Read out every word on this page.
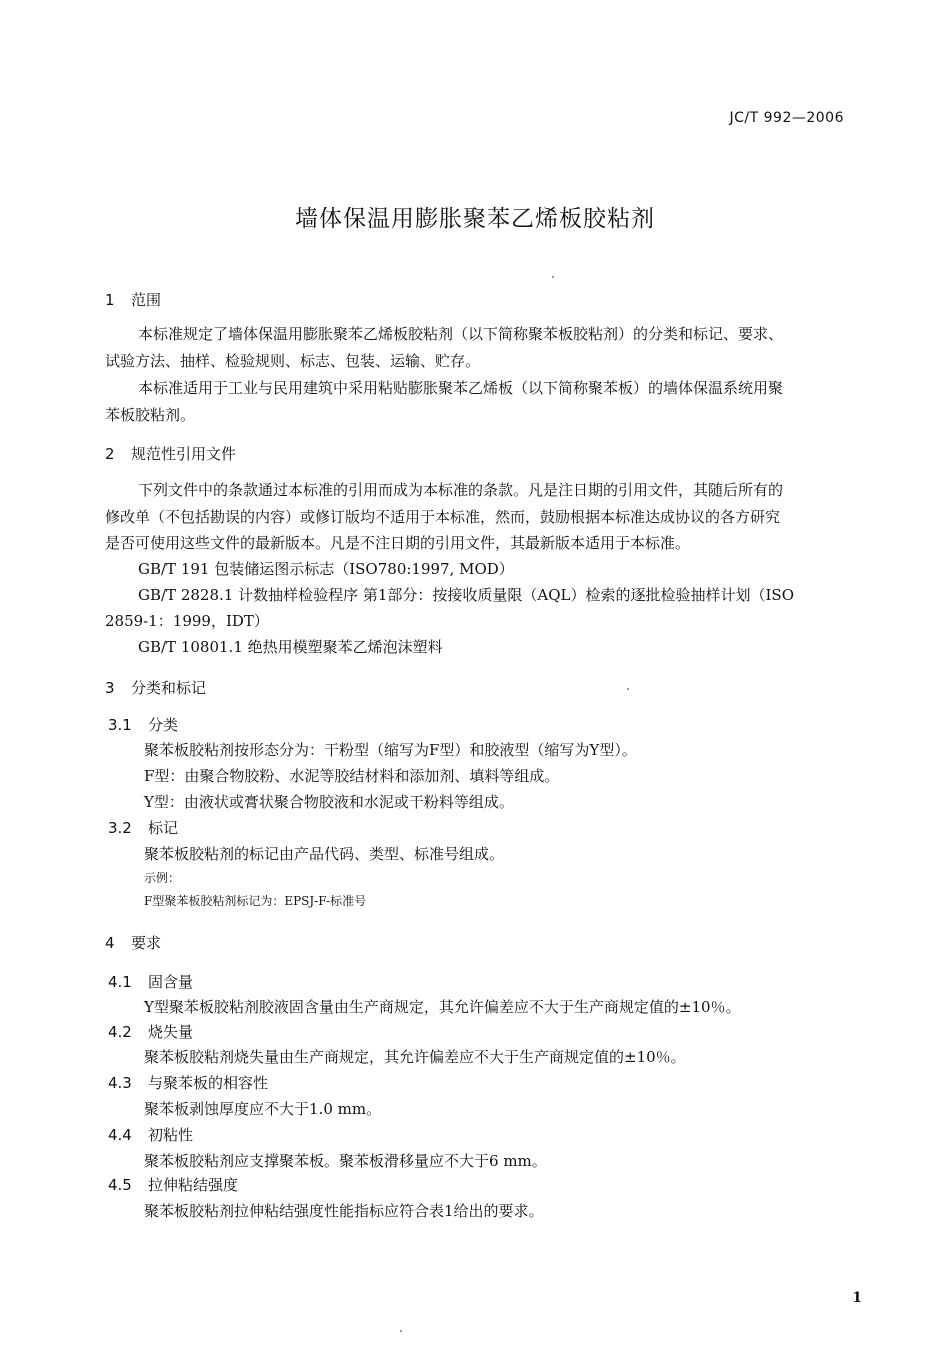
JC/T 992—2006
墙体保温用膨胀聚苯乙烯板胶粘剂
1 范围
本标准规定了墙体保温用膨胀聚苯乙烯板胶粘剂（以下简称聚苯板胶粘剂）的分类和标记、要求、
试验方法、抽样、检验规则、标志、包装、运输、贮存。
本标准适用于工业与民用建筑中采用粘贴膨胀聚苯乙烯板（以下简称聚苯板）的墙体保温系统用聚
苯板胶粘剂。
2 规范性引用文件
下列文件中的条款通过本标准的引用而成为本标准的条款。凡是注日期的引用文件，其随后所有的
修改单（不包括勘误的内容）或修订版均不适用于本标准，然而，鼓励根据本标准达成协议的各方研究
是否可使用这些文件的最新版本。凡是不注日期的引用文件，其最新版本适用于本标准。
GB/T 191 包装储运图示标志（ISO780:1997, MOD）
GB/T 2828.1 计数抽样检验程序 第1部分：按接收质量限（AQL）检索的逐批检验抽样计划（ISO
2859-1：1999，IDT）
GB/T 10801.1 绝热用模塑聚苯乙烯泡沫塑料
3 分类和标记
3.1 分类
聚苯板胶粘剂按形态分为：干粉型（缩写为F型）和胶液型（缩写为Y型）。
F型：由聚合物胶粉、水泥等胶结材料和添加剂、填料等组成。
Y型：由液状或膏状聚合物胶液和水泥或干粉料等组成。
3.2 标记
聚苯板胶粘剂的标记由产品代码、类型、标准号组成。
示例：
F型聚苯板胶粘剂标记为：EPSJ-F-标准号
4 要求
4.1 固含量
Y型聚苯板胶粘剂胶液固含量由生产商规定，其允许偏差应不大于生产商规定值的±10％。
4.2 烧失量
聚苯板胶粘剂烧失量由生产商规定，其允许偏差应不大于生产商规定值的±10％。
4.3 与聚苯板的相容性
聚苯板剥蚀厚度应不大于1.0 mm。
4.4 初粘性
聚苯板胶粘剂应支撑聚苯板。聚苯板滑移量应不大于6 mm。
4.5 拉伸粘结强度
聚苯板胶粘剂拉伸粘结强度性能指标应符合表1给出的要求。
1
